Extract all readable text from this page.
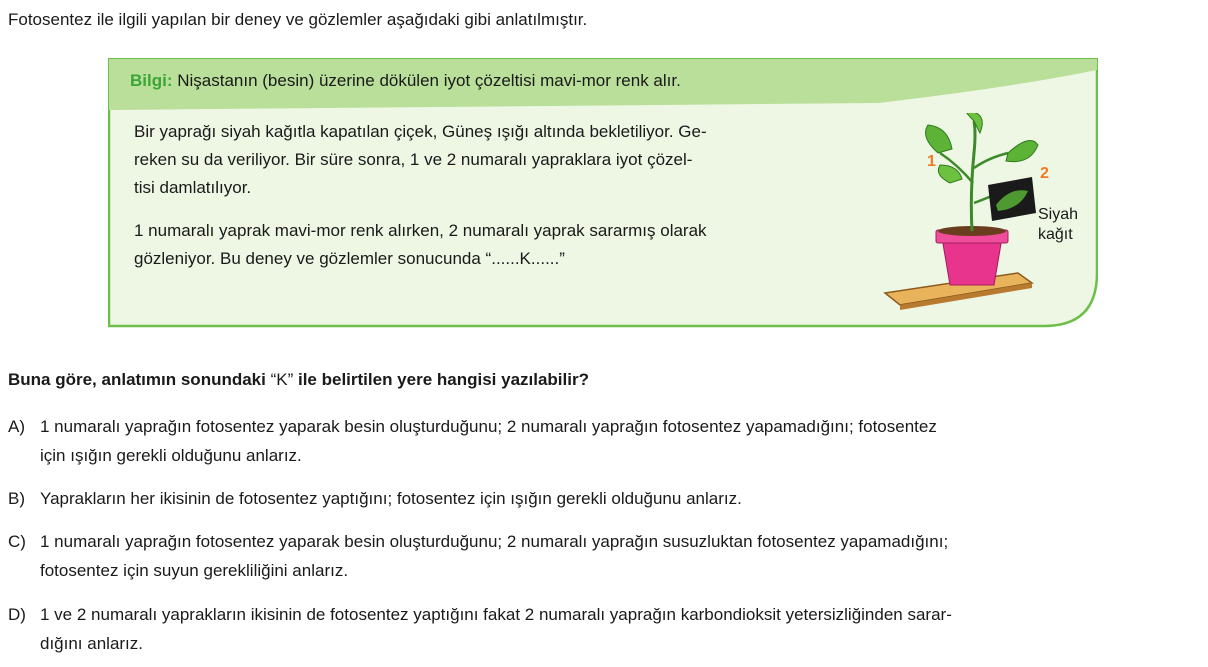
Fotosentez ile ilgili yapılan bir deney ve gözlemler aşağıdaki gibi anlatılmıştır.
Bilgi: Nişastanın (besin) üzerine dökülen iyot çözeltisi mavi-mor renk alır.
Bir yaprağı siyah kağıtla kapatılan çiçek, Güneş ışığı altında bekletiliyor. Ge-
reken su da veriliyor. Bir süre sonra, 1 ve 2 numaralı yapraklara iyot çözel-
tisi damlatılıyor.
1 numaralı yaprak mavi-mor renk alırken, 2 numaralı yaprak sararmış olarak
gözleniyor. Bu deney ve gözlemler sonucunda “......K......”
1
2
Siyah
kağıt
Buna göre, anlatımın sonundaki “K” ile belirtilen yere hangisi yazılabilir?
A) 1 numaralı yaprağın fotosentez yaparak besin oluşturduğunu; 2 numaralı yaprağın fotosentez yapamadığını; fotosentez
için ışığın gerekli olduğunu anlarız.
B) Yaprakların her ikisinin de fotosentez yaptığını; fotosentez için ışığın gerekli olduğunu anlarız.
C) 1 numaralı yaprağın fotosentez yaparak besin oluşturduğunu; 2 numaralı yaprağın susuzluktan fotosentez yapamadığını;
fotosentez için suyun gerekliliğini anlarız.
D) 1 ve 2 numaralı yaprakların ikisinin de fotosentez yaptığını fakat 2 numaralı yaprağın karbondioksit yetersizliğinden sarar-
dığını anlarız.
